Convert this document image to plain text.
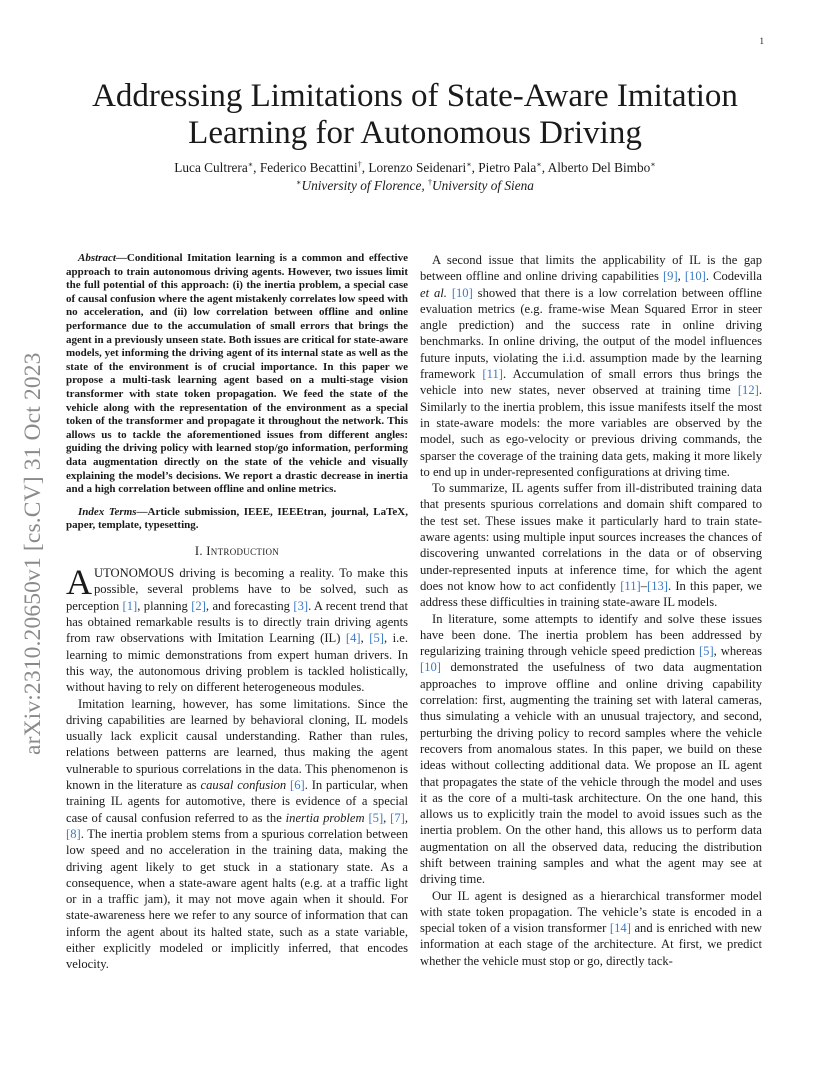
1
arXiv:2310.20650v1 [cs.CV] 31 Oct 2023
Addressing Limitations of State-Aware Imitation
Learning for Autonomous Driving
Luca Cultrera∗, Federico Becattini†, Lorenzo Seidenari∗, Pietro Pala∗, Alberto Del Bimbo∗
∗University of Florence, †University of Siena

Abstract—Conditional Imitation learning is a common and effective approach to train autonomous driving agents. However, two issues limit the full potential of this approach: (i) the inertia problem, a special case of causal confusion where the agent mistakenly correlates low speed with no acceleration, and (ii) low correlation between offline and online performance due to the accumulation of small errors that brings the agent in a previously unseen state. Both issues are critical for state-aware models, yet informing the driving agent of its internal state as well as the state of the environment is of crucial importance. In this paper we propose a multi-task learning agent based on a multi-stage vision transformer with state token propagation. We feed the state of the vehicle along with the representation of the environment as a special token of the transformer and propagate it throughout the network. This allows us to tackle the aforementioned issues from different angles: guiding the driving policy with learned stop/go information, performing data augmentation directly on the state of the vehicle and visually explaining the model’s decisions. We report a drastic decrease in inertia and a high correlation between offline and online metrics.

Index Terms—Article submission, IEEE, IEEEtran, journal, LaTeX, paper, template, typesetting.

I. Introduction

AUTONOMOUS driving is becoming a reality. To make this possible, several problems have to be solved, such as perception [1], planning [2], and forecasting [3]. A recent trend that has obtained remarkable results is to directly train driving agents from raw observations with Imitation Learning (IL) [4], [5], i.e. learning to mimic demonstrations from expert human drivers. In this way, the autonomous driving problem is tackled holistically, without having to rely on different heterogeneous modules.

Imitation learning, however, has some limitations. Since the driving capabilities are learned by behavioral cloning, IL models usually lack explicit causal understanding. Rather than rules, relations between patterns are learned, thus making the agent vulnerable to spurious correlations in the data. This phenomenon is known in the literature as causal confusion [6]. In particular, when training IL agents for automotive, there is evidence of a special case of causal confusion referred to as the inertia problem [5], [7], [8]. The inertia problem stems from a spurious correlation between low speed and no acceleration in the training data, making the driving agent likely to get stuck in a stationary state. As a consequence, when a state-aware agent halts (e.g. at a traffic light or in a traffic jam), it may not move again when it should. For state-awareness here we refer to any source of information that can inform the agent about its halted state, such as a state variable, either explicitly modeled or implicitly inferred, that encodes velocity.

A second issue that limits the applicability of IL is the gap between offline and online driving capabilities [9], [10]. Codevilla et al. [10] showed that there is a low correlation between offline evaluation metrics (e.g. frame-wise Mean Squared Error in steer angle prediction) and the success rate in online driving benchmarks. In online driving, the output of the model influences future inputs, violating the i.i.d. assumption made by the learning framework [11]. Accumulation of small errors thus brings the vehicle into new states, never observed at training time [12]. Similarly to the inertia problem, this issue manifests itself the most in state-aware models: the more variables are observed by the model, such as ego-velocity or previous driving commands, the sparser the coverage of the training data gets, making it more likely to end up in under-represented configurations at driving time.

To summarize, IL agents suffer from ill-distributed training data that presents spurious correlations and domain shift compared to the test set. These issues make it particularly hard to train state-aware agents: using multiple input sources increases the chances of discovering unwanted correlations in the data or of observing under-represented inputs at inference time, for which the agent does not know how to act confidently [11]–[13]. In this paper, we address these difficulties in training state-aware IL models.

In literature, some attempts to identify and solve these issues have been done. The inertia problem has been addressed by regularizing training through vehicle speed prediction [5], whereas [10] demonstrated the usefulness of two data augmentation approaches to improve offline and online driving capability correlation: first, augmenting the training set with lateral cameras, thus simulating a vehicle with an unusual trajectory, and second, perturbing the driving policy to record samples where the vehicle recovers from anomalous states. In this paper, we build on these ideas without collecting additional data. We propose an IL agent that propagates the state of the vehicle through the model and uses it as the core of a multi-task architecture. On the one hand, this allows us to explicitly train the model to avoid issues such as the inertia problem. On the other hand, this allows us to perform data augmentation on all the observed data, reducing the distribution shift between training samples and what the agent may see at driving time.

Our IL agent is designed as a hierarchical transformer model with state token propagation. The vehicle’s state is encoded in a special token of a vision transformer [14] and is enriched with new information at each stage of the architecture. At first, we predict whether the vehicle must stop or go, directly tack-
